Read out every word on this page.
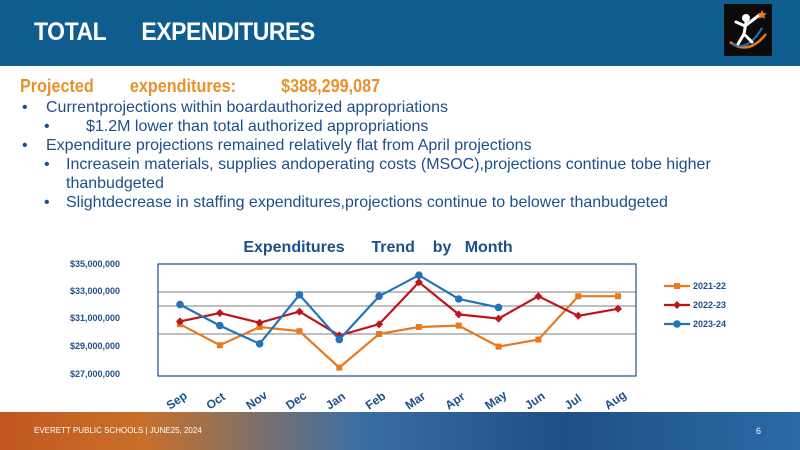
TOTAL      EXPENDITURES
Projected        expenditures:          $388,299,087
• Currentprojections within boardauthorized appropriations
• $1.2M lower than total authorized appropriations
• Expenditure projections remained relatively flat from April projections
• Increasein materials, supplies andoperating costs (MSOC),projections continue tobe higher thanbudgeted
• Slightdecrease in staffing expenditures,projections continue to belower thanbudgeted
Expenditures      Trend    by   Month
$35,000,000
$33,000,000
$31,000,000
$29,000,000
$27,000,000
Sep Oct Nov Dec Jan Feb Mar Apr May Jun Jul Aug
2021-22
2022-23
2023-24
EVERETT PUBLIC SCHOOLS | JUNE25, 2024	6
